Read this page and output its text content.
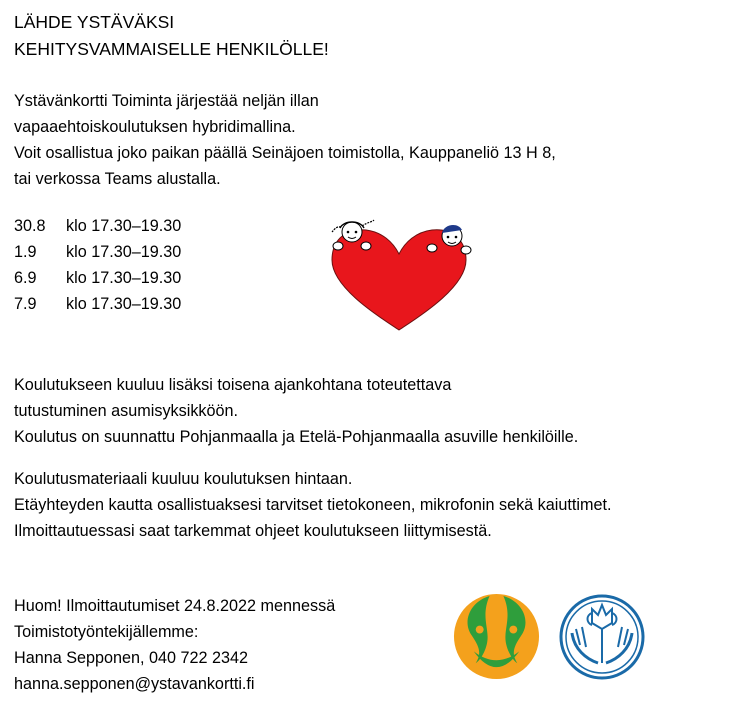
LÄHDE YSTÄVÄKSI
KEHITYSVAMMAISELLE HENKILÖLLE!
Ystävänkortti Toiminta järjestää neljän illan
vapaaehtoiskoulutuksen hybridimallina.
Voit osallistua joko paikan päällä Seinäjoen toimistolla, Kauppaneliö 13 H 8,
tai verkossa Teams alustalla.
30.8	klo 17.30–19.30
1.9	klo 17.30–19.30
6.9	klo 17.30–19.30
7.9	klo 17.30–19.30
Koulutukseen kuuluu lisäksi toisena ajankohtana toteutettava
tutustuminen asumisyksikköön.
Koulutus on suunnattu Pohjanmaalla ja Etelä-Pohjanmaalla asuville henkilöille.
Koulutusmateriaali kuuluu koulutuksen hintaan.
Etäyhteyden kautta osallistuaksesi tarvitset tietokoneen, mikrofonin sekä kaiuttimet.
Ilmoittautuessasi saat tarkemmat ohjeet koulutukseen liittymisestä.
Huom! Ilmoittautumiset 24.8.2022 mennessä
Toimistotyöntekijällemme:
Hanna Sepponen, 040 722 2342
hanna.sepponen@ystavankortti.fi
